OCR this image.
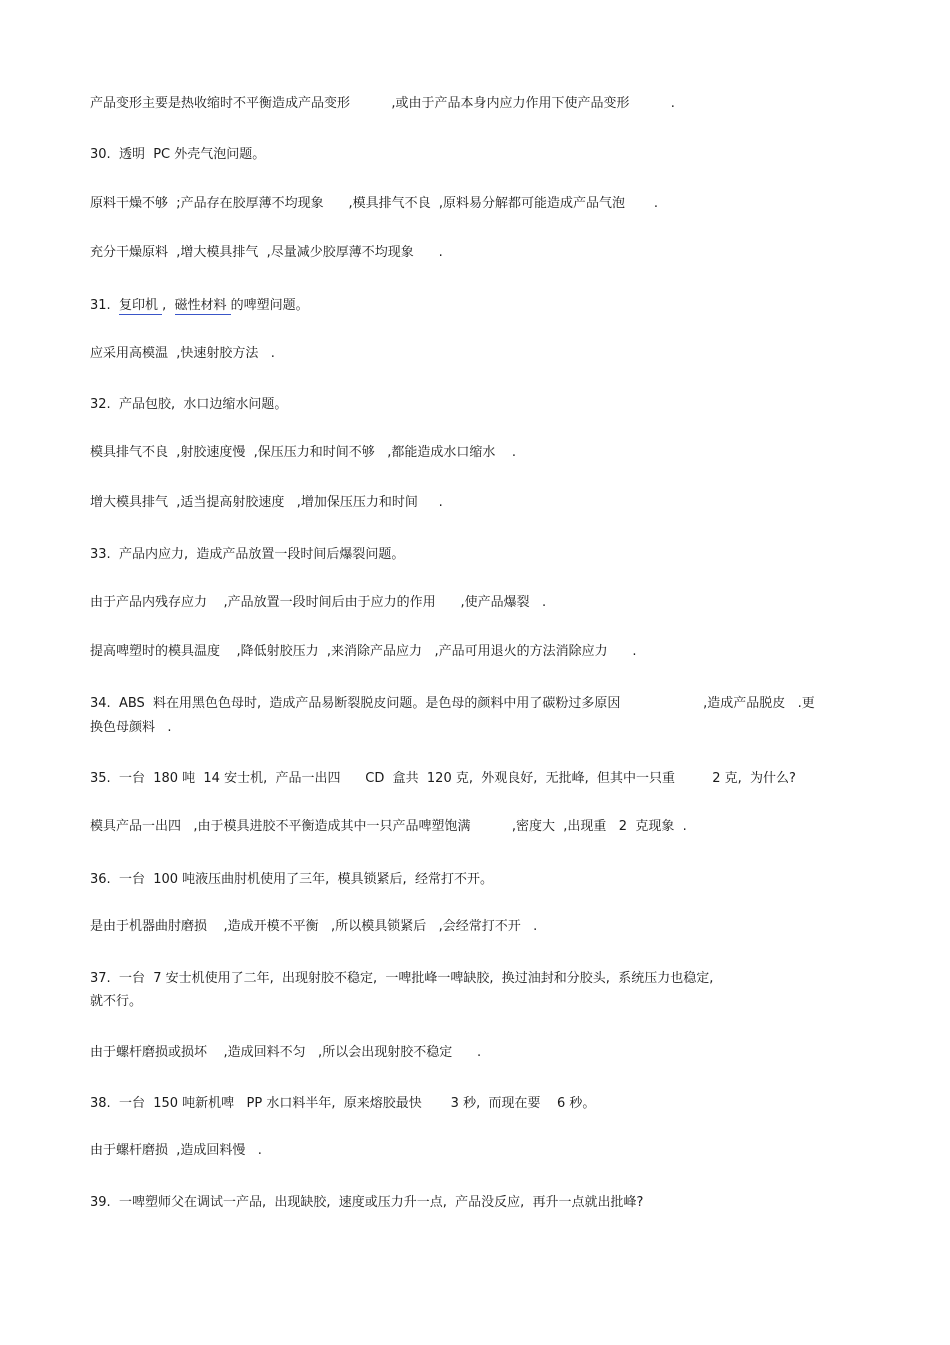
产品变形主要是热收缩时不平衡造成产品变形          ,或由于产品本身内应力作用下使产品变形          .
30.  透明  PC 外壳气泡问题。
原料干燥不够  ;产品存在胶厚薄不均现象      ,模具排气不良  ,原料易分解都可能造成产品气泡       .
充分干燥原料  ,增大模具排气  ,尽量减少胶厚薄不均现象      .
31.  复印机 ,  磁性材料 的啤塑问题。
应采用高模温  ,快速射胶方法   .
32.  产品包胶,  水口边缩水问题。
模具排气不良  ,射胶速度慢  ,保压压力和时间不够   ,都能造成水口缩水    .
增大模具排气  ,适当提高射胶速度   ,增加保压压力和时间     .
33.  产品内应力,  造成产品放置一段时间后爆裂问题。
由于产品内残存应力    ,产品放置一段时间后由于应力的作用      ,使产品爆裂   .
提高啤塑时的模具温度    ,降低射胶压力  ,来消除产品应力   ,产品可用退火的方法消除应力      .
34.  ABS  料在用黑色色母时,  造成产品易断裂脱皮问题。是色母的颜料中用了碳粉过多原因                    ,造成产品脱皮   .更
换色母颜料   .
35.  一台  180 吨  14 安士机,  产品一出四      CD  盒共  120 克,  外观良好,  无批峰,  但其中一只重         2 克,  为什么?
模具产品一出四   ,由于模具进胶不平衡造成其中一只产品啤塑饱满          ,密度大  ,出现重   2  克现象  .
36.  一台  100 吨液压曲肘机使用了三年,  模具锁紧后,  经常打不开。
是由于机器曲肘磨损    ,造成开模不平衡   ,所以模具锁紧后   ,会经常打不开   .
37.  一台  7 安士机使用了二年,  出现射胶不稳定,  一啤批峰一啤缺胶,  换过油封和分胶头,  系统压力也稳定,
就不行。
由于螺杆磨损或损坏    ,造成回料不匀   ,所以会出现射胶不稳定      .
38.  一台  150 吨新机啤   PP 水口料半年,  原来熔胶最快       3 秒,  而现在要    6 秒。
由于螺杆磨损  ,造成回料慢   .
39.  一啤塑师父在调试一产品,  出现缺胶,  速度或压力升一点,  产品没反应,  再升一点就出批峰?
